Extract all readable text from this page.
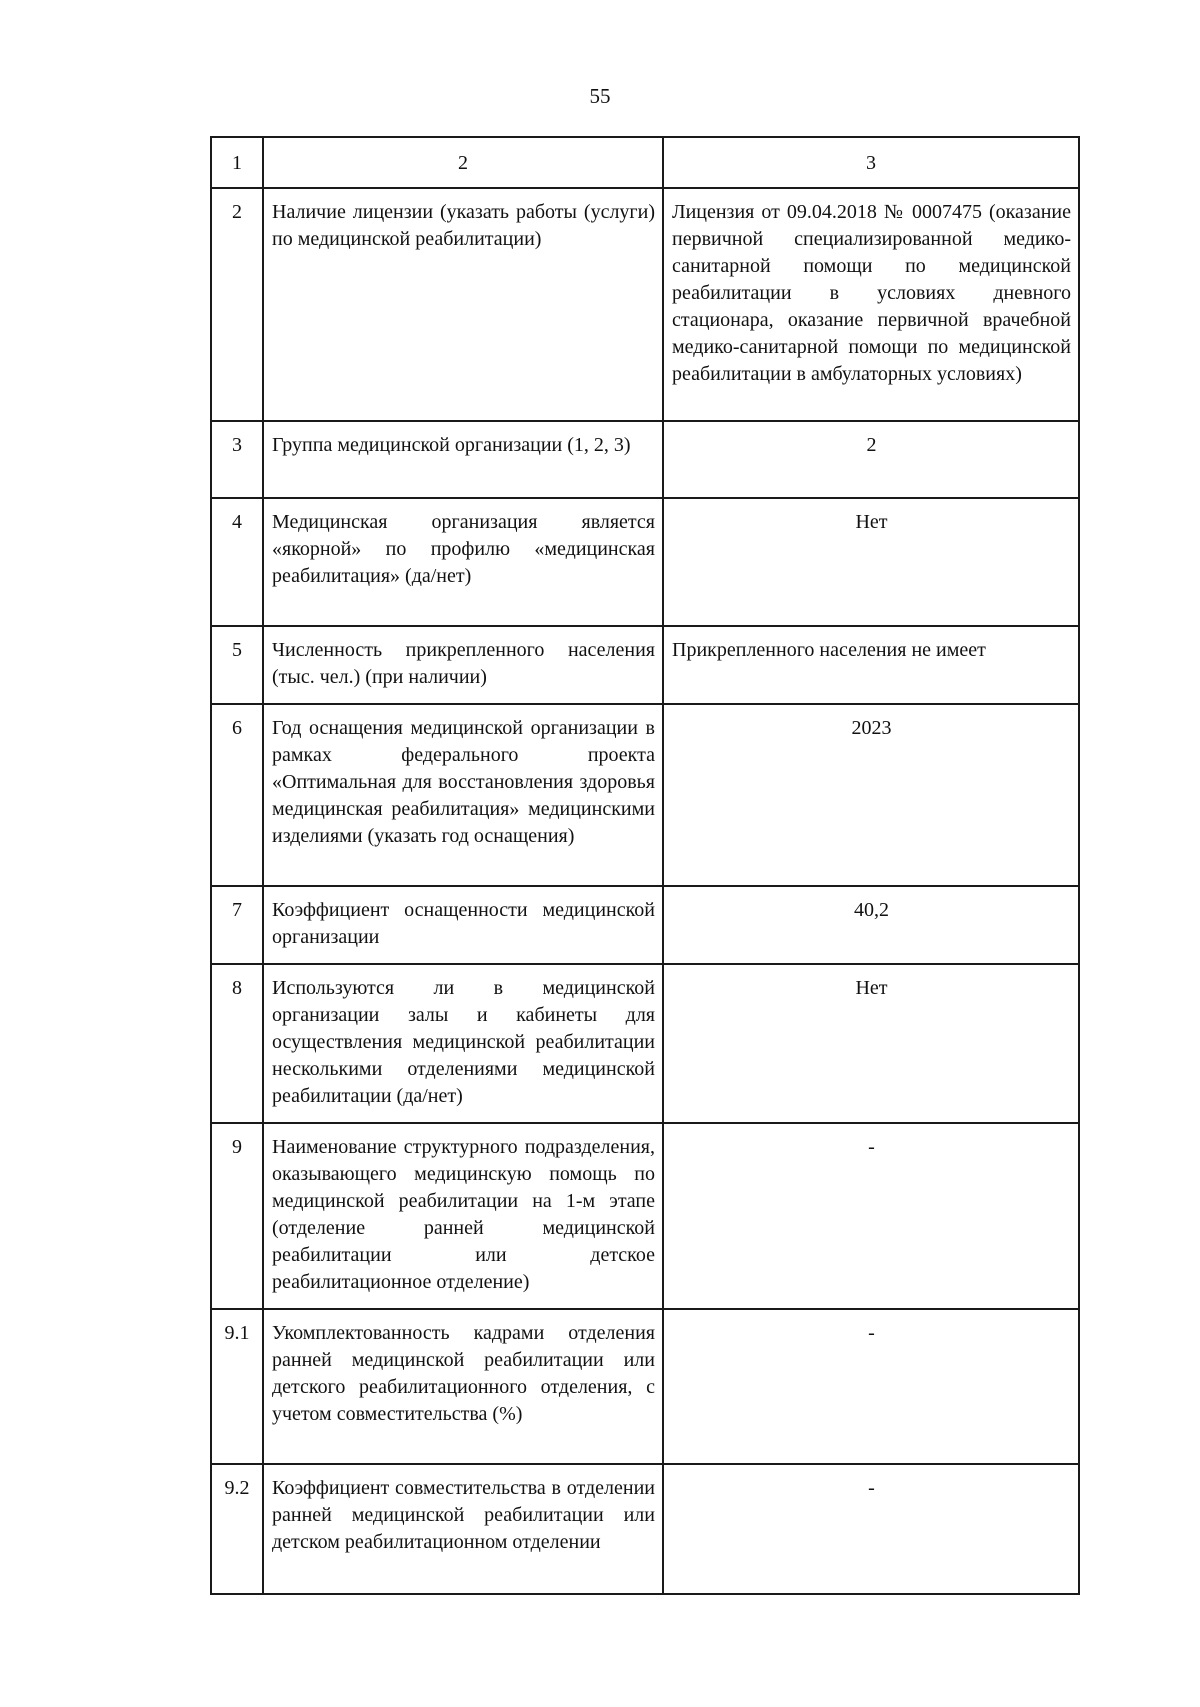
55
1	2	3
2	Наличие лицензии (указать работы (услуги) по медицинской реабилитации)	Лицензия от 09.04.2018 № 0007475 (оказание первичной специализированной медико-санитарной помощи по медицинской реабилитации в условиях дневного стационара, оказание первичной врачебной медико-санитарной помощи по медицинской реабилитации в амбулаторных условиях)
3	Группа медицинской организации (1, 2, 3)	2
4	Медицинская организация является «якорной» по профилю «медицинская реабилитация» (да/нет)	Нет
5	Численность прикрепленного населения (тыс. чел.) (при наличии)	Прикрепленного населения не имеет
6	Год оснащения медицинской организации в рамках федерального проекта «Оптимальная для восстановления здоровья медицинская реабилитация» медицинскими изделиями (указать год оснащения)	2023
7	Коэффициент оснащенности медицинской организации	40,2
8	Используются ли в медицинской организации залы и кабинеты для осуществления медицинской реабилитации несколькими отделениями медицинской реабилитации (да/нет)	Нет
9	Наименование структурного подразделения, оказывающего медицинскую помощь по медицинской реабилитации на 1-м этапе (отделение ранней медицинской реабилитации или детское реабилитационное отделение)	-
9.1	Укомплектованность кадрами отделения ранней медицинской реабилитации или детского реабилитационного отделения, с учетом совместительства (%)	-
9.2	Коэффициент совместительства в отделении ранней медицинской реабилитации или детском реабилитационном отделении	-
